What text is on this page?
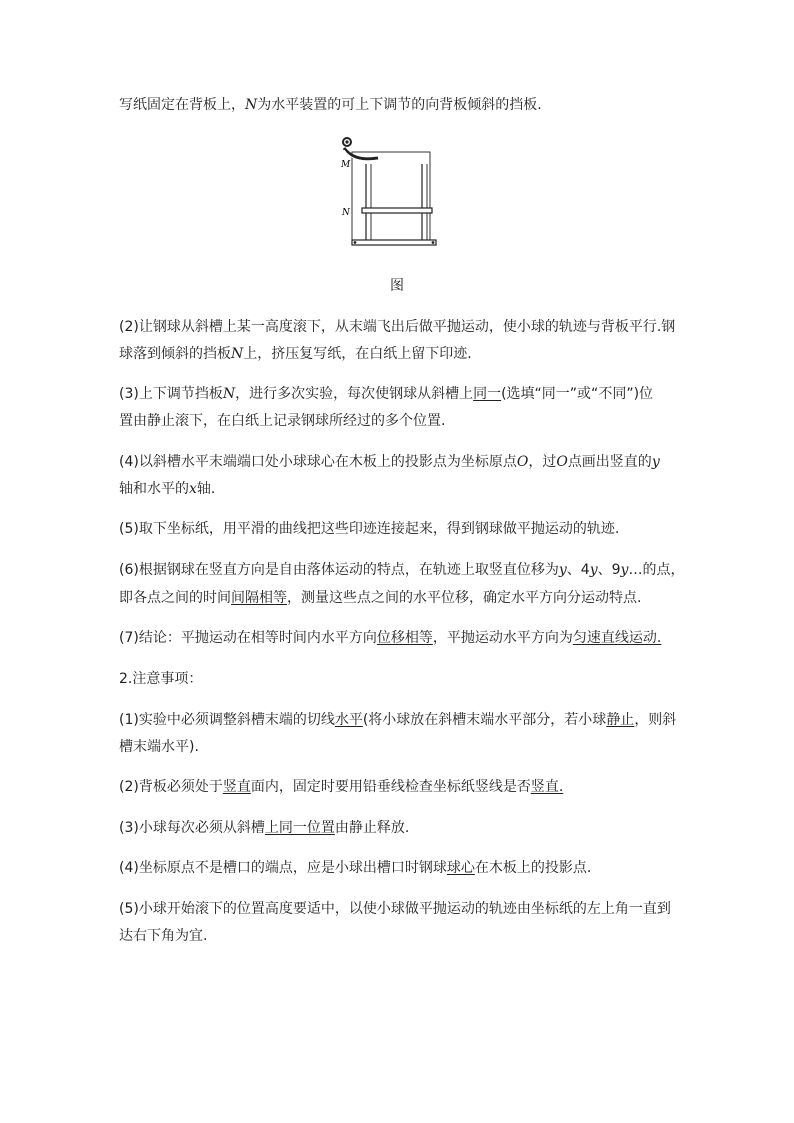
写纸固定在背板上，N为水平装置的可上下调节的向背板倾斜的挡板.
M
N
图
(2)让钢球从斜槽上某一高度滚下，从末端飞出后做平抛运动，使小球的轨迹与背板平行.钢
球落到倾斜的挡板N上，挤压复写纸，在白纸上留下印迹.
(3)上下调节挡板N，进行多次实验，每次使钢球从斜槽上同一(选填“同一”或“不同”)位
置由静止滚下，在白纸上记录钢球所经过的多个位置.
(4)以斜槽水平末端端口处小球球心在木板上的投影点为坐标原点O，过O点画出竖直的y
轴和水平的x轴.
(5)取下坐标纸，用平滑的曲线把这些印迹连接起来，得到钢球做平抛运动的轨迹.
(6)根据钢球在竖直方向是自由落体运动的特点，在轨迹上取竖直位移为y、4y、9y…的点，
即各点之间的时间间隔相等，测量这些点之间的水平位移，确定水平方向分运动特点.
(7)结论：平抛运动在相等时间内水平方向位移相等，平抛运动水平方向为匀速直线运动.
2.注意事项：
(1)实验中必须调整斜槽末端的切线水平(将小球放在斜槽末端水平部分，若小球静止，则斜
槽末端水平).
(2)背板必须处于竖直面内，固定时要用铅垂线检查坐标纸竖线是否竖直.
(3)小球每次必须从斜槽上同一位置由静止释放.
(4)坐标原点不是槽口的端点，应是小球出槽口时钢球球心在木板上的投影点.
(5)小球开始滚下的位置高度要适中，以使小球做平抛运动的轨迹由坐标纸的左上角一直到
达右下角为宜.
